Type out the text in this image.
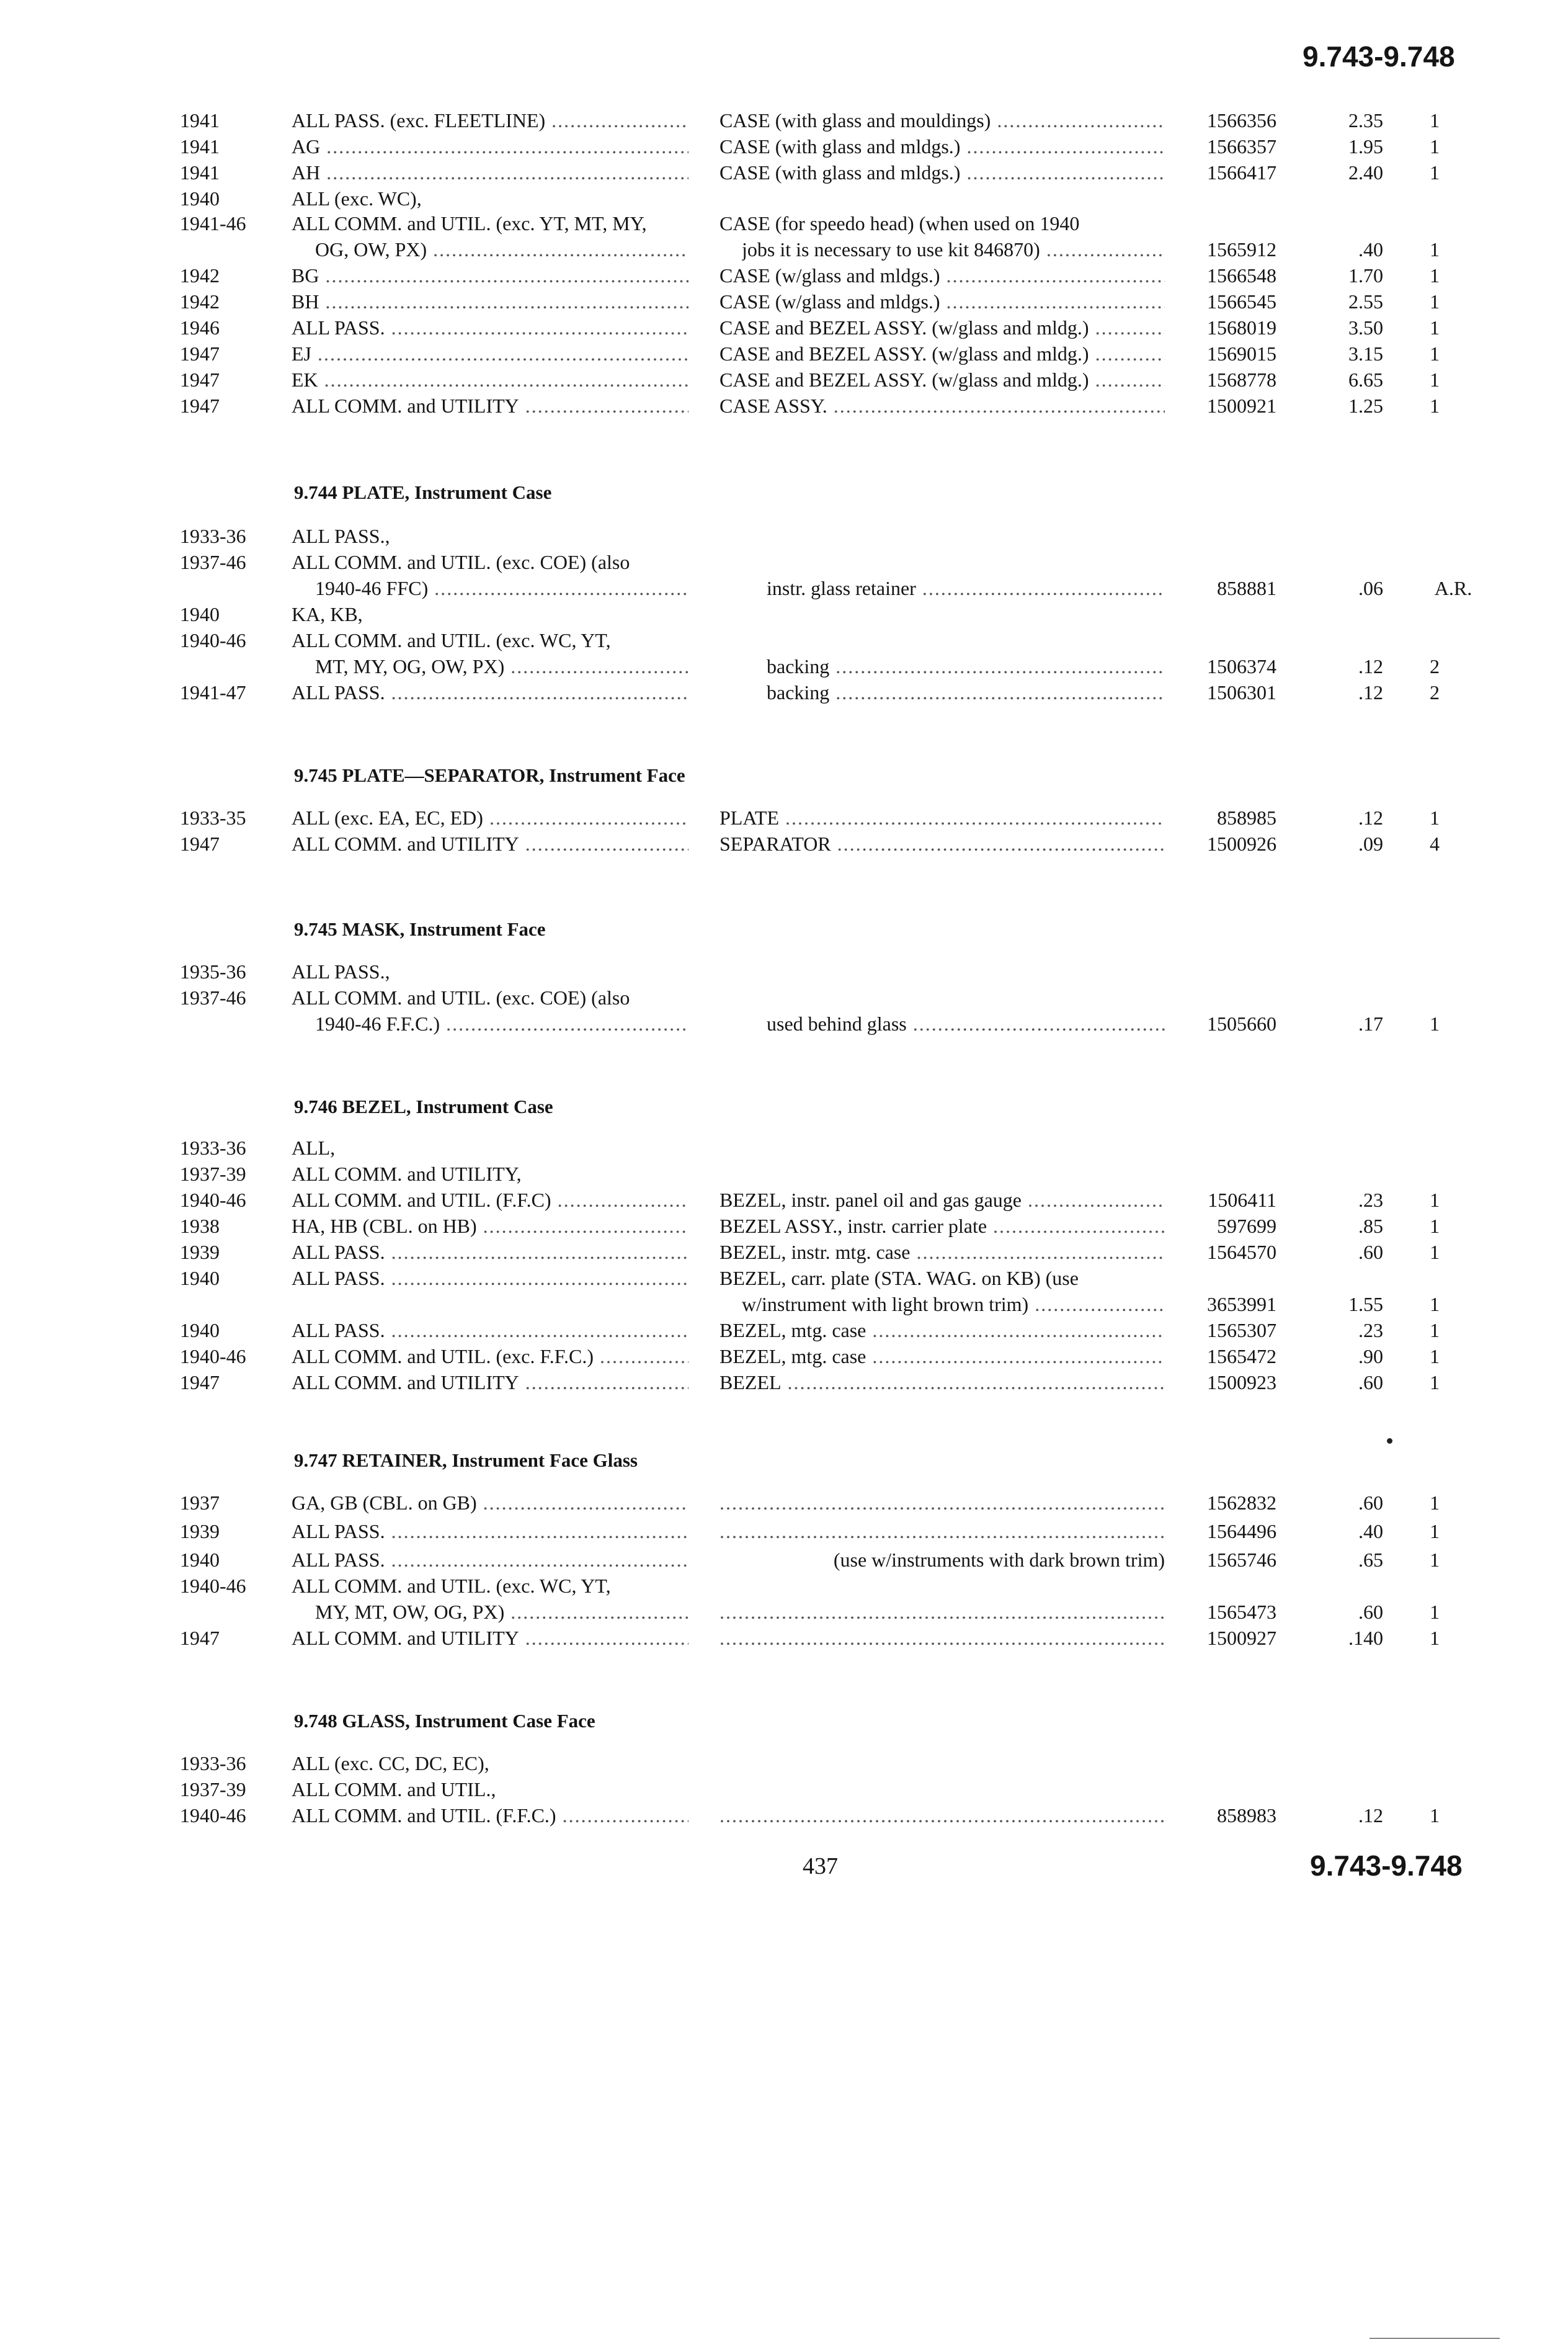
9.743-9.748
1941	ALL PASS. (exc. FLEETLINE) .....	CASE (with glass and mouldings) .....	1566356	2.35	1
1941	AG .....	CASE (with glass and mldgs.) .....	1566357	1.95	1
1941	AH .....	CASE (with glass and mldgs.) .....	1566417	2.40	1
1940	ALL (exc. WC),
1941-46 ALL COMM. and UTIL. (exc. YT, MT, MY,	CASE (for speedo head) (when used on 1940
OG, OW, PX) .....	jobs it is necessary to use kit 846870) .....	1565912	.40	1
1942	BG .....	CASE (w/glass and mldgs.) .....	1566548	1.70	1
1942	BH .....	CASE (w/glass and mldgs.) .....	1566545	2.55	1
1946	ALL PASS. .....	CASE and BEZEL ASSY. (w/glass and mldg.) .....	1568019	3.50	1
1947	EJ .....	CASE and BEZEL ASSY. (w/glass and mldg.) .....	1569015	3.15	1
1947	EK .....	CASE and BEZEL ASSY. (w/glass and mldg.) .....	1568778	6.65	1
1947	ALL COMM. and UTILITY .....	CASE ASSY. .....	1500921	1.25	1
9.744 PLATE, Instrument Case
1933-36 ALL PASS.,
1937-46 ALL COMM. and UTIL. (exc. COE) (also
1940-46 FFC) .....	instr. glass retainer .....	858881	.06	A.R.
1940	KA, KB,
1940-46 ALL COMM. and UTIL. (exc. WC, YT,
MT, MY, OG, OW, PX) .....	backing .....	1506374	.12	2
1941-47 ALL PASS. .....	backing .....	1506301	.12	2
9.745 PLATE—SEPARATOR, Instrument Face
1933-35 ALL (exc. EA, EC, ED) .....	PLATE .....	858985	.12	1
1947	ALL COMM. and UTILITY .....	SEPARATOR .....	1500926	.09	4
9.745 MASK, Instrument Face
1935-36 ALL PASS.,
1937-46 ALL COMM. and UTIL. (exc. COE) (also
1940-46 F.F.C.) .....	used behind glass .....	1505660	.17	1
9.746 BEZEL, Instrument Case
1933-36 ALL,
1937-39 ALL COMM. and UTILITY,
1940-46 ALL COMM. and UTIL. (F.F.C) .....	BEZEL, instr. panel oil and gas gauge .....	1506411	.23	1
1938	HA, HB (CBL. on HB) .....	BEZEL ASSY., instr. carrier plate .....	597699	.85	1
1939	ALL PASS. .....	BEZEL, instr. mtg. case .....	1564570	.60	1
1940	ALL PASS. .....	BEZEL, carr. plate (STA. WAG. on KB) (use
w/instrument with light brown trim) .....	3653991	1.55	1
1940	ALL PASS. .....	BEZEL, mtg. case .....	1565307	.23	1
1940-46 ALL COMM. and UTIL. (exc. F.F.C.) .....	BEZEL, mtg. case .....	1565472	.90	1
1947	ALL COMM. and UTILITY .....	BEZEL .....	1500923	.60	1
9.747 RETAINER, Instrument Face Glass
1937	GA, GB (CBL. on GB) ..... .....	1562832	.60	1
1939	ALL PASS. ..... .....	1564496	.40	1
1940	ALL PASS. .....	(use w/instruments with dark brown trim)	1565746	.65	1
1940-46 ALL COMM. and UTIL. (exc. WC, YT,
MY, MT, OW, OG, PX) ..... .....	1565473	.60	1
1947	ALL COMM. and UTILITY ..... .....	1500927	.140	1
9.748 GLASS, Instrument Case Face
1933-36 ALL (exc. CC, DC, EC),
1937-39 ALL COMM. and UTIL.,
1940-46 ALL COMM. and UTIL. (F.F.C.) ..... .....	858983	.12	1
437	9.743-9.748
